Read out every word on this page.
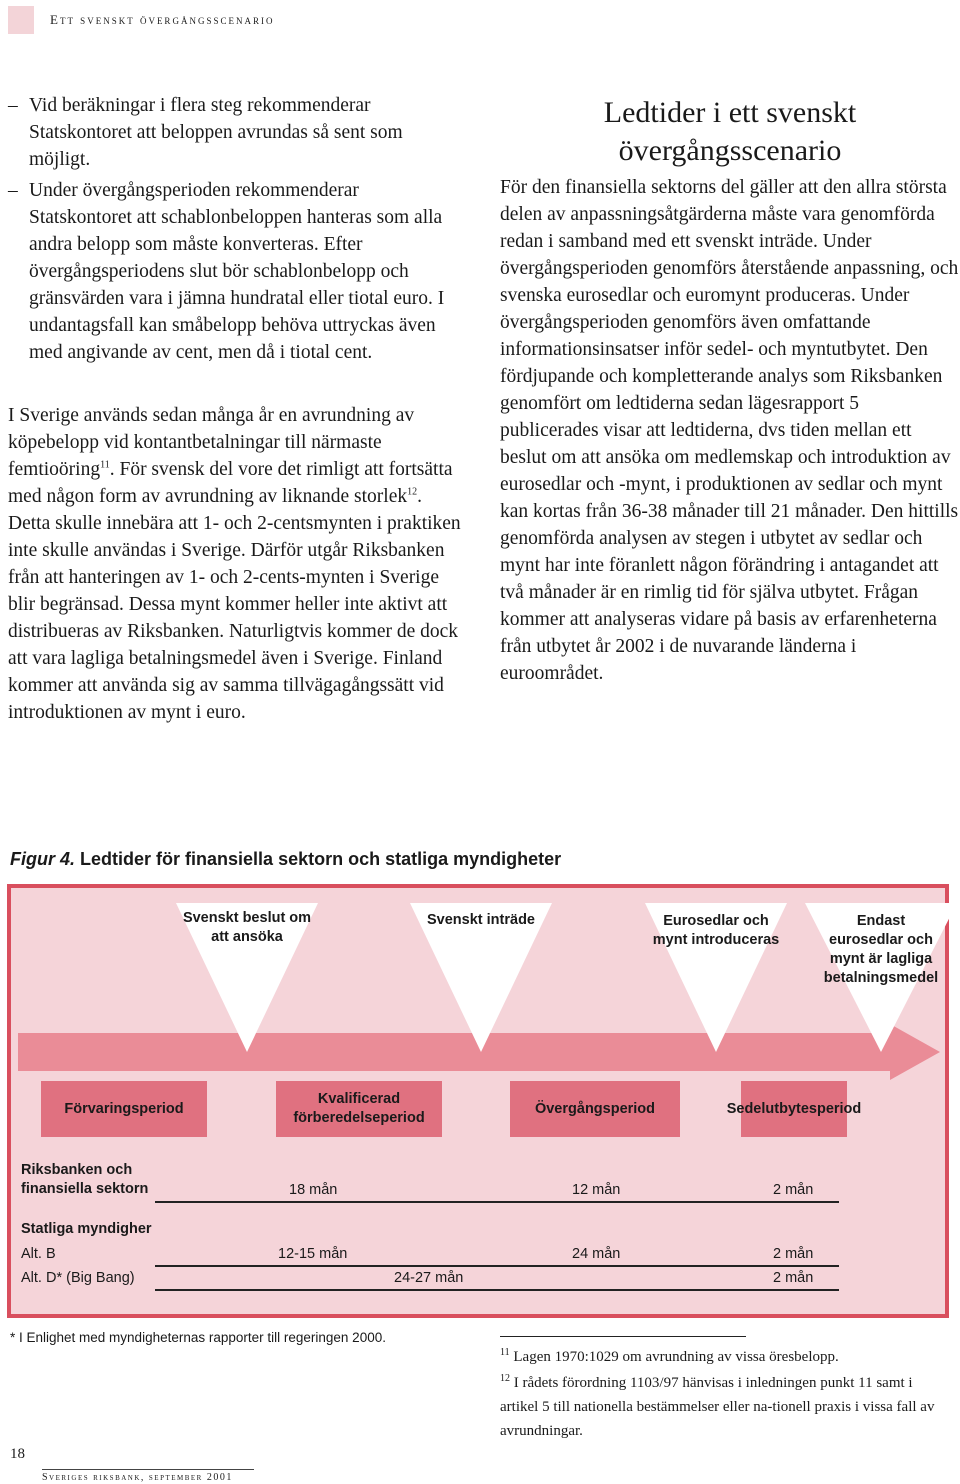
Ett svenskt övergångsscenario
– Vid beräkningar i flera steg rekommenderar Statskontoret att beloppen avrundas så sent som möjligt.
– Under övergångsperioden rekommenderar Statskontoret att schablonbeloppen hanteras som alla andra belopp som måste konverteras. Efter övergångsperiodens slut bör schablonbelopp och gränsvärden vara i jämna hundratal eller tiotal euro. I undantagsfall kan småbelopp behöva uttryckas även med angivande av cent, men då i tiotal cent.

I Sverige används sedan många år en avrundning av köpebelopp vid kontantbetalningar till närmaste femtioöring$^{11}$. För svensk del vore det rimligt att fortsätta med någon form av avrundning av liknande storlek$^{12}$. Detta skulle innebära att 1- och 2-centsmynten i praktiken inte skulle användas i Sverige. Därför utgår Riksbanken från att hanteringen av 1- och 2-cents-mynten i Sverige blir begränsad. Dessa mynt kommer heller inte aktivt att distribueras av Riksbanken. Naturligtvis kommer de dock att vara lagliga betalningsmedel även i Sverige. Finland kommer att använda sig av samma tillvägagångssätt vid introduktionen av mynt i euro.

Ledtider i ett svenskt övergångsscenario

För den finansiella sektorns del gäller att den allra största delen av anpassningsåtgärderna måste vara genomförda redan i samband med ett svenskt inträde. Under övergångsperioden genomförs återstående anpassning, och svenska eurosedlar och euromynt produceras. Under övergångsperioden genomförs även omfattande informationsinsatser inför sedel- och myntutbytet. Den fördjupande och kompletterande analys som Riksbanken genomfört om ledtiderna sedan lägesrapport 5 publicerades visar att ledtiderna, dvs tiden mellan ett beslut om att ansöka om medlemskap och introduktion av eurosedlar och -mynt, i produktionen av sedlar och mynt kan kortas från 36-38 månader till 21 månader. Den hittills genomförda analysen av stegen i utbytet av sedlar och mynt har inte föranlett någon förändring i antagandet att två månader är en rimlig tid för själva utbytet. Frågan kommer att analyseras vidare på basis av erfarenheterna från utbytet år 2002 i de nuvarande länderna i euroområdet.

Figur 4. Ledtider för finansiella sektorn och statliga myndigheter
Svenskt beslut om att ansöka
Svenskt inträde	Eurosedlar och mynt introduceras
Endast eurosedlar och mynt är lagliga betalningsmedel
Förvaringsperiod
Kvalificerad förberedelseperiod
Övergångsperiod	Sedelutbytesperiod
Riksbanken och finansiella sektorn	18 mån	12 mån	2 mån
Statliga myndigher
Alt. B	12-15 mån	24 mån	2 mån
Alt. D* (Big Bang)	24-27 mån	2 mån
* I Enlighet med myndigheternas rapporter till regeringen 2000.
$^{11}$ Lagen 1970:1029 om avrundning av vissa öresbelopp.
$^{12}$ I rådets förordning 1103/97 hänvisas i inledningen punkt 11 samt i artikel 5 till nationella bestämmelser eller na-tionell praxis i vissa fall av avrundningar.
18
Sveriges riksbank, september 2001
